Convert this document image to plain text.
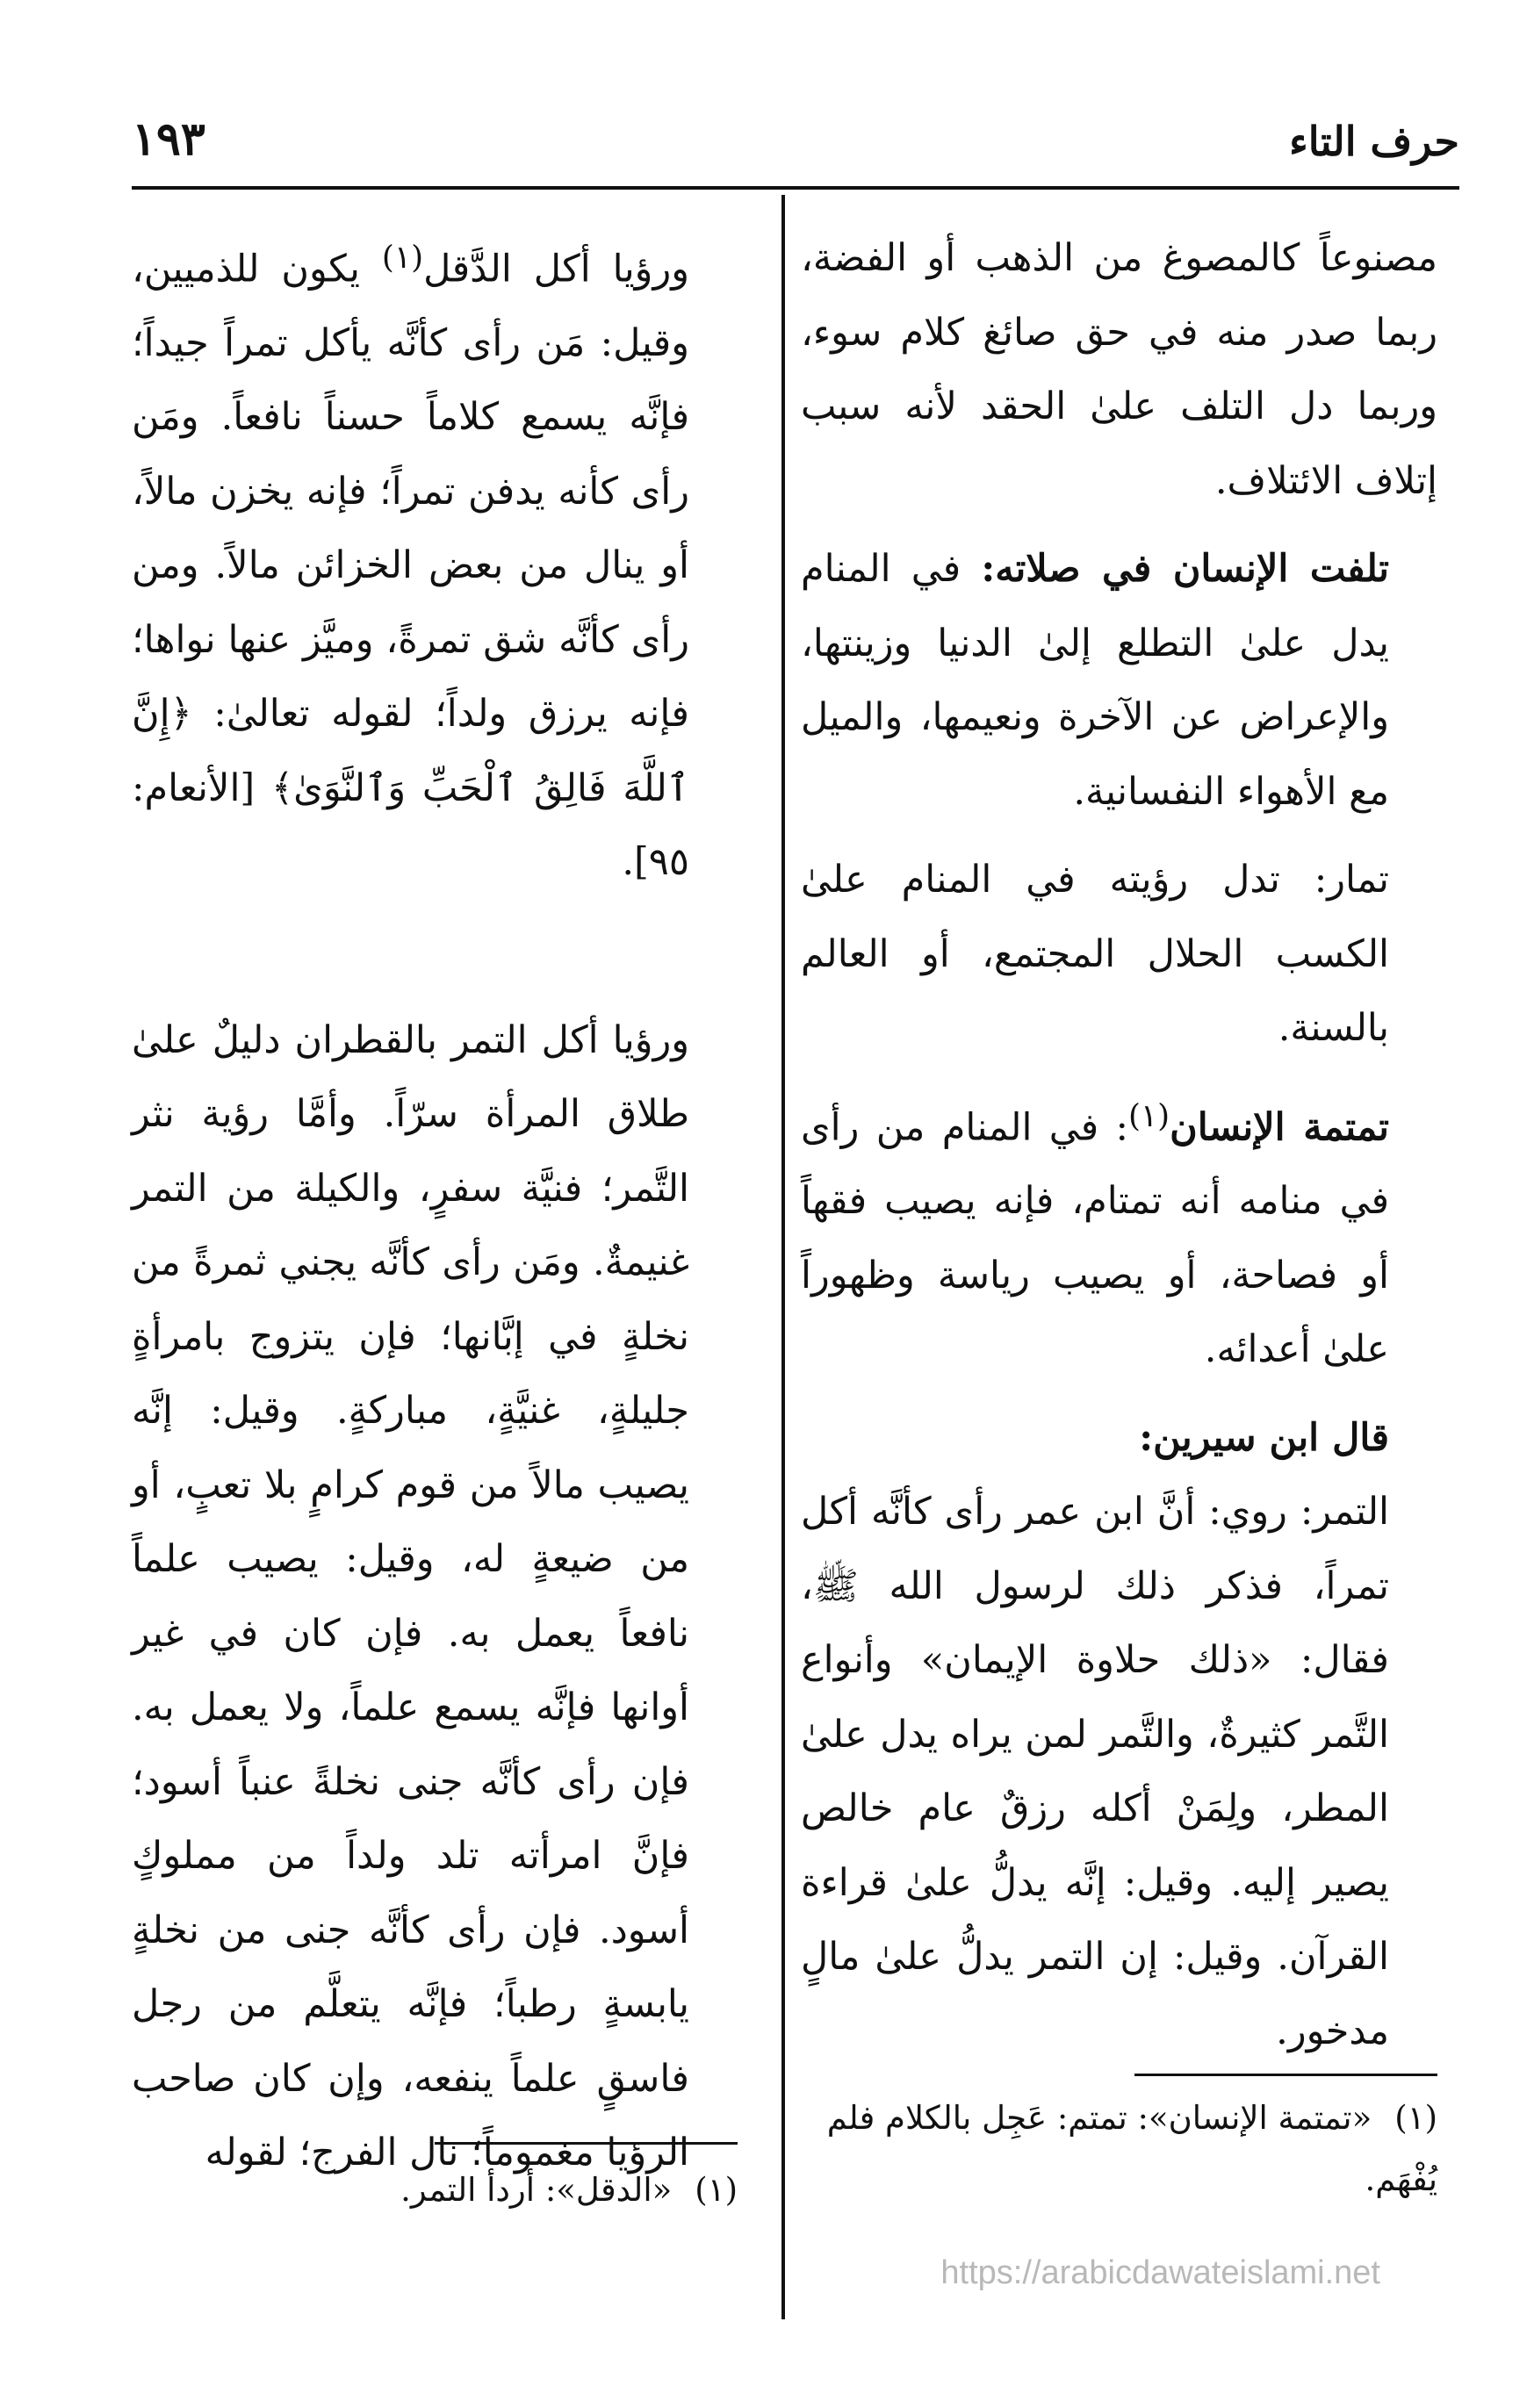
حرف التاء
١٩٣

مصنوعاً كالمصوغ من الذهب أو الفضة، ربما صدر منه في حق صائغ كلام سوء، وربما دل التلف علىٰ الحقد لأنه سبب إتلاف الائتلاف.

تلفت الإنسان في صلاته: في المنام يدل علىٰ التطلع إلىٰ الدنيا وزينتها، والإعراض عن الآخرة ونعيمها، والميل مع الأهواء النفسانية.

تمار: تدل رؤيته في المنام علىٰ الكسب الحلال المجتمع، أو العالم بالسنة.

تمتمة الإنسان$^{(١)}$: في المنام من رأى في منامه أنه تمتام، فإنه يصيب فقهاً أو فصاحة، أو يصيب رياسة وظهوراً علىٰ أعدائه.

قال ابن سيرين:

التمر: روي: أنَّ ابن عمر رأى كأنَّه أكل تمراً، فذكر ذلك لرسول الله ﷺ، فقال: «ذلك حلاوة الإيمان» وأنواع التَّمر كثيرةٌ، والتَّمر لمن يراه يدل علىٰ المطر، ولِمَنْ أكله رزقٌ عام خالص يصير إليه. وقيل: إنَّه يدلُّ علىٰ قراءة القرآن. وقيل: إن التمر يدلُّ علىٰ مالٍ مدخور.

ورؤيا أكل الدَّقل$^{(١)}$ يكون للذميين، وقيل: مَن رأى كأنَّه يأكل تمراً جيداً؛ فإنَّه يسمع كلاماً حسناً نافعاً. ومَن رأى كأنه يدفن تمراً؛ فإنه يخزن مالاً، أو ينال من بعض الخزائن مالاً. ومن رأى كأنَّه شق تمرةً، وميَّز عنها نواها؛ فإنه يرزق ولداً؛ لقوله تعالىٰ: ﴿إِنَّ ٱللَّهَ فَالِقُ ٱلْحَبِّ وَٱلنَّوَىٰ﴾ [الأنعام: ٩٥].

ورؤيا أكل التمر بالقطران دليلٌ علىٰ طلاق المرأة سرّاً. وأمَّا رؤية نثر التَّمر؛ فنيَّة سفرٍ، والكيلة من التمر غنيمةٌ. ومَن رأى كأنَّه يجني ثمرةً من نخلةٍ في إبَّانها؛ فإن يتزوج بامرأةٍ جليلةٍ، غنيَّةٍ، مباركةٍ. وقيل: إنَّه يصيب مالاً من قوم كرامٍ بلا تعبٍ، أو من ضيعةٍ له، وقيل: يصيب علماً نافعاً يعمل به. فإن كان في غير أوانها فإنَّه يسمع علماً، ولا يعمل به. فإن رأى كأنَّه جنى نخلةً عنباً أسود؛ فإنَّ امرأته تلد ولداً من مملوكٍ أسود. فإن رأى كأنَّه جنى من نخلةٍ يابسةٍ رطباً؛ فإنَّه يتعلَّم من رجل فاسقٍ علماً ينفعه، وإن كان صاحب الرؤيا مغموماً؛ نال الفرج؛ لقوله

(١)«تمتمة الإنسان»: تمتم: عَجِل بالكلام فلم يُفْهَم.
(١)«الدقل»: أردأ التمر.
https://arabicdawateislami.net
